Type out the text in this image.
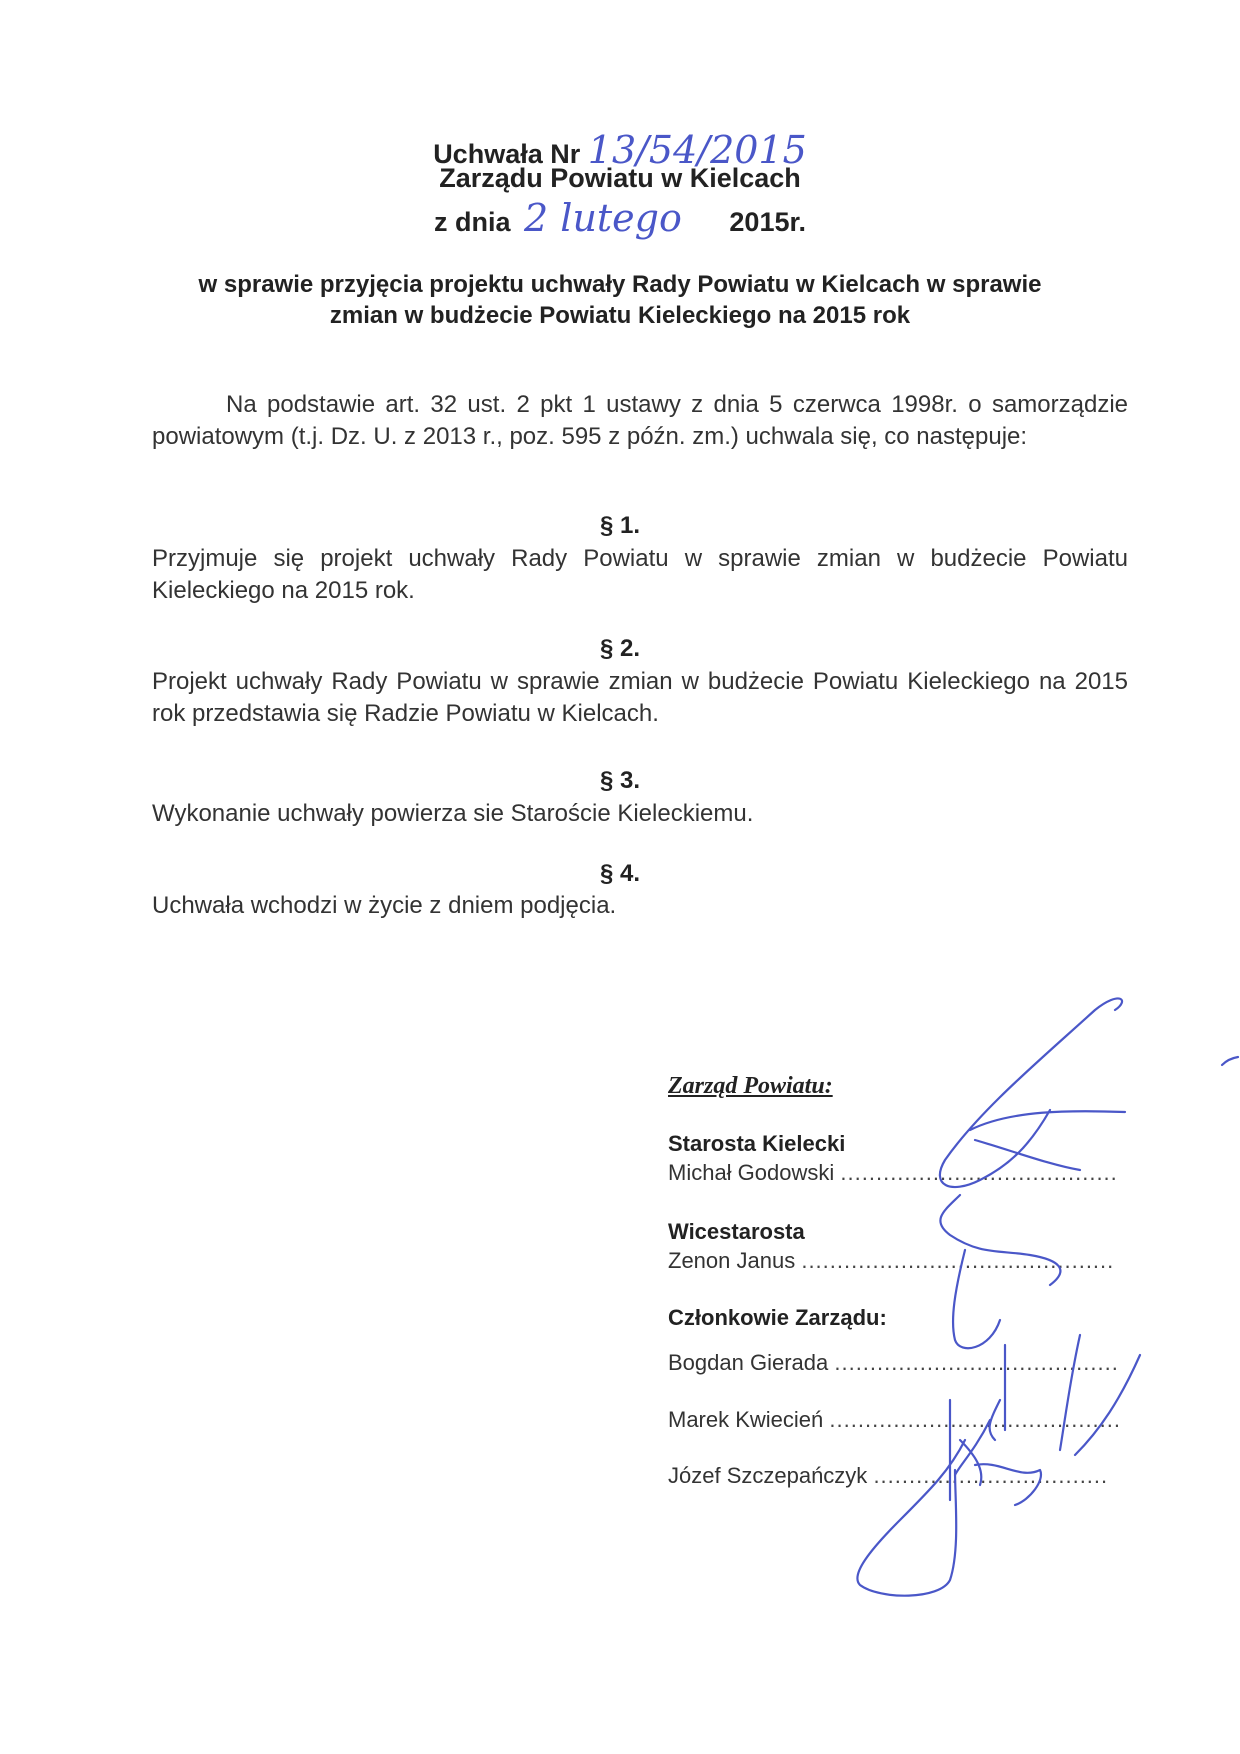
Uchwała Nr 13/54/2015
Zarządu Powiatu w Kielcach
z dnia 2 lutego 2015r.
w sprawie przyjęcia projektu uchwały Rady Powiatu w Kielcach w sprawie
zmian w budżecie Powiatu Kieleckiego na 2015 rok
Na podstawie art. 32 ust. 2 pkt 1 ustawy z dnia 5 czerwca 1998r. o samorządzie powiatowym (t.j. Dz. U. z 2013 r., poz. 595 z późn. zm.) uchwala się, co następuje:
§ 1.
Przyjmuje się projekt uchwały Rady Powiatu w sprawie zmian w budżecie Powiatu Kieleckiego na 2015 rok.
§ 2.
Projekt uchwały Rady Powiatu w sprawie zmian w budżecie Powiatu Kieleckiego na 2015 rok przedstawia się Radzie Powiatu w Kielcach.
§ 3.
Wykonanie uchwały powierza sie Staroście Kieleckiemu.
§ 4.
Uchwała wchodzi w życie z dniem podjęcia.
Zarząd Powiatu:
Starosta Kielecki
Michał Godowski .......................................
Wicestarosta
Zenon Janus ............................................
Członkowie Zarządu:
Bogdan Gierada ........................................
Marek Kwiecień .........................................
Józef Szczepańczyk .................................
